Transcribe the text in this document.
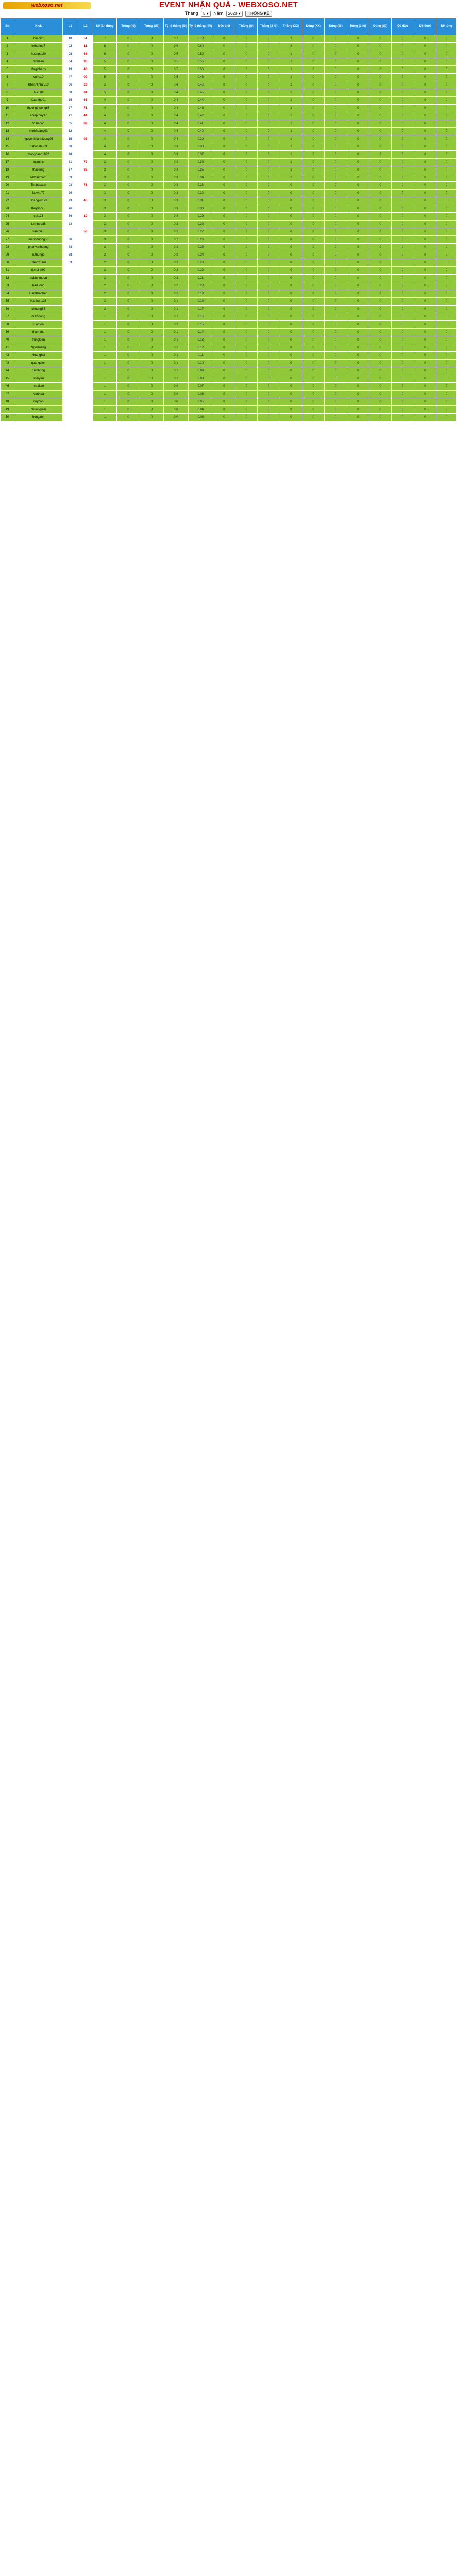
webxoso.net	EVENT NHẬN QUÀ - WEBXOSO.NET
Tháng 5 ▾ Năm 2020 ▾ THỐNG KÊ
Stt	Nick	L1	L2	Số lần đúng	Trúng (lô)	Trúng (đề)	Tỷ lệ thắng (lô)	Tỷ lệ thắng (đề)	Đặc biệt	Thắng (lô)	Thắng (3 lô)	Thắng (XX)	Đúng (XX)	Đúng (lô)	Đúng (3 lô)	Đúng (đề)	Đề đầu	Đề đuôi	Đề tổng
1	bimbim	10	51	7	0	0	0.7	0.70	0	0	0	2	0	0	0	0	0	0	0
2	lethuhoa7	02	11	6	0	0	0.6	0.60	0	0	0	2	0	0	0	0	0	0	0
3	hoangtu20	08	68	6	0	0	0.5	0.52	0	0	0	1	0	0	0	0	0	0	0
4	ninhtien	54	96	5	0	0	0.5	0.56	0	0	0	1	0	0	0	0	0	0	0
5	Magicbarry	19	43	5	0	0	0.5	0.50	0	0	0	1	0	0	0	0	0	0	0
6	vuhu10	47	09	5	0	0	0.5	0.48	0	0	0	1	0	0	0	0	0	0	0
7	Khanhlinh2010	66	28	5	0	0	0.4	0.46	0	0	0	1	0	0	0	0	0	0	0
8	Tuvuite	00	34	5	0	0	0.4	0.45	0	0	0	1	0	0	0	0	0	0	0
9	Xuanthu01	35	63	4	0	0	0.4	0.44	0	0	0	1	0	0	0	0	0	0	0
10	thuongthuong68	27	71	4	0	0	0.4	0.43	0	0	0	1	0	0	0	0	0	0	0
11	ahiepthuy97	71	44	4	0	0	0.4	0.42	0	0	0	1	0	0	0	0	0	0	0
12	Vubacan	55	82	4	0	0	0.4	0.41	0	0	0	1	0	0	0	0	0	0	0
13	minhhoang93	12		4	0	0	0.4	0.40	0	0	0	1	0	0	0	0	0	0	0
14	nguyenkhanhtuong96	15	06	4	0	0	0.4	0.39	0	0	0	1	0	0	0	0	0	0	0
15	dabonabu33	38		4	0	0	0.3	0.38	0	0	0	1	0	0	0	0	0	0	0
16	thanghang1992	40		4	0	0	0.3	0.37	0	0	0	1	0	0	0	0	0	0	0
17	lusmins	81	72	3	0	0	0.3	0.36	0	0	0	1	0	0	0	0	0	0	0
18	thaolung	67	88	3	0	0	0.3	0.35	0	0	0	1	0	0	0	0	0	0	0
19	Mitdaitrcom	59		3	0	0	0.3	0.34	0	0	0	1	0	0	0	0	0	0	0
20	Thubaoxun	03	76	3	0	0	0.3	0.33	0	0	0	0	0	0	0	0	0	0	0
21	Nevhu77	29		3	0	0	0.3	0.32	0	0	0	0	0	0	0	0	0	0	0
22	Hoangvu123	93	45	3	0	0	0.3	0.31	0	0	0	0	0	0	0	0	0	0	0
23	thuytinhcu	76		3	0	0	0.3	0.30	0	0	0	0	0	0	0	0	0	0	0
24	trdi123	86	19	3	0	0	0.3	0.29	0	0	0	0	0	0	0	0	0	0	0
25	Linhbeo88	23		3	0	0	0.2	0.28	0	0	0	0	0	0	0	0	0	0	0
26	vanthieu		50	3	0	0	0.2	0.27	0	0	0	0	0	0	0	0	0	0	0
27	tuanphuong88	36		3	0	0	0.2	0.26	0	0	0	0	0	0	0	0	0	0	0
28	phanvanhoang	78		2	0	0	0.2	0.25	0	0	0	0	0	0	0	0	0	0	0
29	ruthungd	88		2	0	0	0.2	0.24	0	0	0	0	0	0	0	0	0	0	0
30	Trangxuan1	53		2	0	0	0.2	0.23	0	0	0	0	0	0	0	0	0	0	0
31	tiensinh99			2	0	0	0.2	0.22	0	0	0	0	0	0	0	0	0	0	0
32	dobinhmuon			2	0	0	0.2	0.21	0	0	0	0	0	0	0	0	0	0	0
33	haduong			2	0	0	0.2	0.20	0	0	0	0	0	0	0	0	0	0	0
34	HanKhanhan			2	0	0	0.2	0.19	0	0	0	0	0	0	0	0	0	0	0
35	Hanhan123			2	0	0	0.1	0.18	0	0	0	0	0	0	0	0	0	0	0
36	chuong88			2	0	0	0.1	0.17	0	0	0	0	0	0	0	0	0	0	0
37	dukhoang			1	0	0	0.1	0.16	0	0	0	0	0	0	0	0	0	0	0
38	Tuanvu2			1	0	0	0.1	0.15	0	0	0	0	0	0	0	0	0	0	0
39	thanhthu			1	0	0	0.1	0.14	0	0	0	0	0	0	0	0	0	0	0
40	trungkien			1	0	0	0.1	0.13	0	0	0	0	0	0	0	0	0	0	0
41	NgoHoang			1	0	0	0.1	0.12	0	0	0	0	0	0	0	0	0	0	0
42	Hoanghai			1	0	0	0.1	0.11	0	0	0	0	0	0	0	0	0	0	0
43	quangvinh			1	0	0	0.1	0.10	0	0	0	0	0	0	0	0	0	0	0
44	tuanhung			1	0	0	0.1	0.09	0	0	0	0	0	0	0	0	0	0	0
45	hoaiyen			1	0	0	0.1	0.08	0	0	0	0	0	0	0	0	0	0	0
46	nhutlam			1	0	0	0.0	0.07	0	0	0	0	0	0	0	0	0	0	0
47	kimthoa			1	0	0	0.0	0.06	0	0	0	0	0	0	0	0	0	0	0
48	duybao			1	0	0	0.0	0.05	0	0	0	0	0	0	0	0	0	0	0
49	phuongmai			1	0	0	0.0	0.04	0	0	0	0	0	0	0	0	0	0	0
50	honganh			1	0	0	0.0	0.03	0	0	0	0	0	0	0	0	0	0	0
